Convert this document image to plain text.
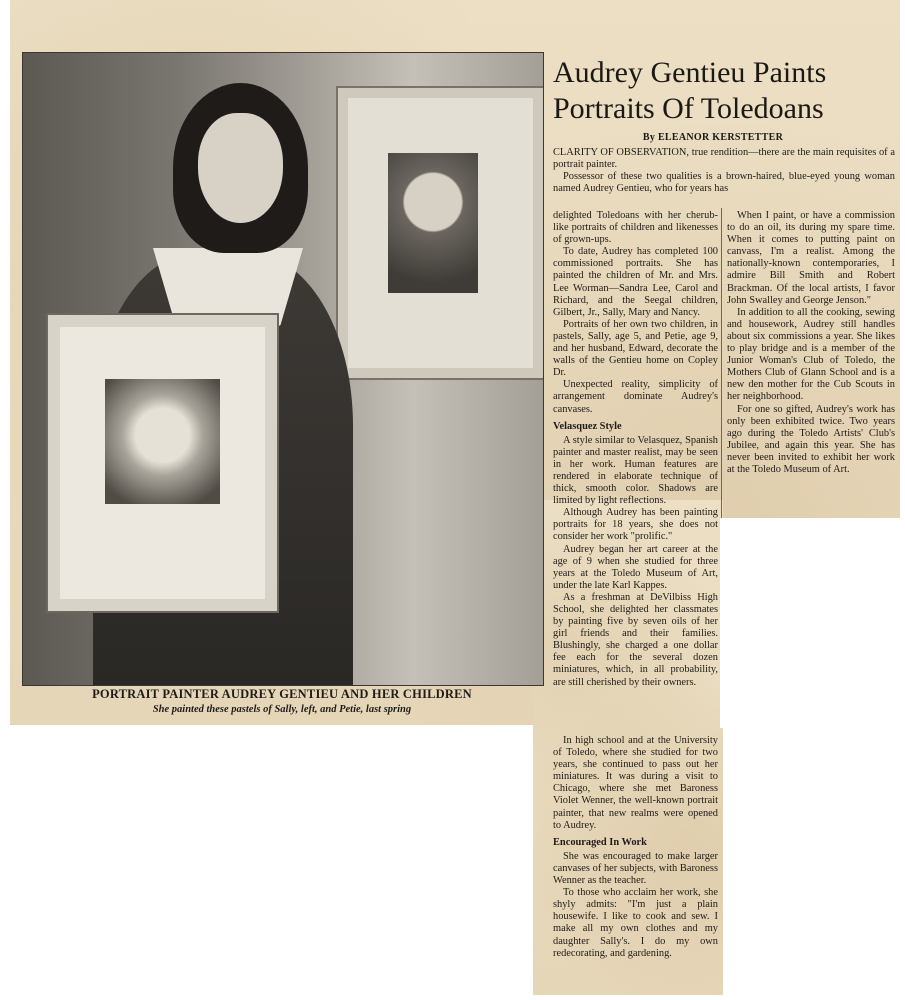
PORTRAIT PAINTER AUDREY GENTIEU AND HER CHILDREN
She painted these pastels of Sally, left, and Petie, last spring
Audrey Gentieu Paints Portraits Of Toledoans
By ELEANOR KERSTETTER

CLARITY OF OBSERVATION, true rendition—there are the main requisites of a portrait painter.

Possessor of these two qualities is a brown-haired, blue-eyed young woman named Audrey Gentieu, who for years has

delighted Toledoans with her cherub-like portraits of children and likenesses of grown-ups.

To date, Audrey has completed 100 commissioned portraits. She has painted the children of Mr. and Mrs. Lee Worman—Sandra Lee, Carol and Richard, and the Seegal children, Gilbert, Jr., Sally, Mary and Nancy.

Portraits of her own two children, in pastels, Sally, age 5, and Petie, age 9, and her husband, Edward, decorate the walls of the Gentieu home on Copley Dr.

Unexpected reality, simplicity of arrangement dominate Audrey's canvases.

Velasquez Style

A style similar to Velasquez, Spanish painter and master realist, may be seen in her work. Human features are rendered in elaborate technique of thick, smooth color. Shadows are limited by light reflections.

Although Audrey has been painting portraits for 18 years, she does not consider her work "prolific."

Audrey began her art career at the age of 9 when she studied for three years at the Toledo Museum of Art, under the late Karl Kappes.

As a freshman at DeVilbiss High School, she delighted her classmates by painting five by seven oils of her girl friends and their families. Blushingly, she charged a one dollar fee each for the several dozen miniatures, which, in all probability, are still cherished by their owners.

When I paint, or have a commission to do an oil, its during my spare time. When it comes to putting paint on canvass, I'm a realist. Among the nationally-known contemporaries, I admire Bill Smith and Robert Brackman. Of the local artists, I favor John Swalley and George Jenson."

In addition to all the cooking, sewing and housework, Audrey still handles about six commissions a year. She likes to play bridge and is a member of the Junior Woman's Club of Toledo, the Mothers Club of Glann School and is a new den mother for the Cub Scouts in her neighborhood.

For one so gifted, Audrey's work has only been exhibited twice. Two years ago during the Toledo Artists' Club's Jubilee, and again this year. She has never been invited to exhibit her work at the Toledo Museum of Art.

In high school and at the University of Toledo, where she studied for two years, she continued to pass out her miniatures. It was during a visit to Chicago, where she met Baroness Violet Wenner, the well-known portrait painter, that new realms were opened to Audrey.

Encouraged In Work

She was encouraged to make larger canvases of her subjects, with Baroness Wenner as the teacher.

To those who acclaim her work, she shyly admits: "I'm just a plain housewife. I like to cook and sew. I make all my own clothes and my daughter Sally's. I do my own redecorating, and gardening.
